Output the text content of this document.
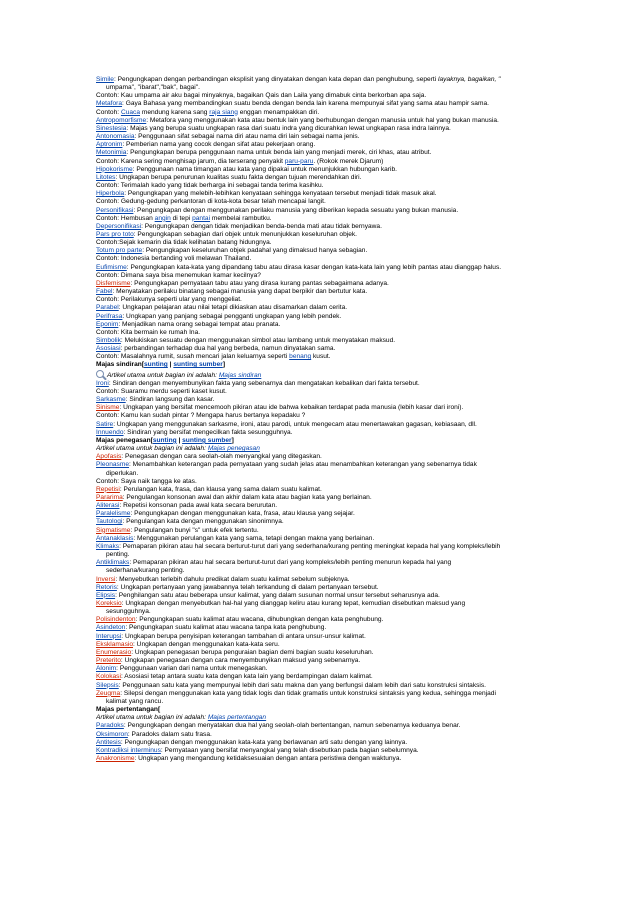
Simile: Pengungkapan dengan perbandingan eksplisit yang dinyatakan dengan kata depan dan penghubung, seperti layaknya, bagaikan, "
umpama", "ibarat","bak", bagai".
Contoh: Kau umpama air aku bagai minyaknya, bagaikan Qais dan Laila yang dimabuk cinta berkorban apa saja.
Metafora: Gaya Bahasa yang membandingkan suatu benda dengan benda lain karena mempunyai sifat yang sama atau hampir sama.
Contoh: Cuaca mendung karena sang raja siang enggan menampakkan diri.
Antropomorfisme: Metafora yang menggunakan kata atau bentuk lain yang berhubungan dengan manusia untuk hal yang bukan manusia.
Sinestesia: Majas yang berupa suatu ungkapan rasa dari suatu indra yang dicurahkan lewat ungkapan rasa indra lainnya.
Antonomasia: Penggunaan sifat sebagai nama diri atau nama diri lain sebagai nama jenis.
Aptronim: Pemberian nama yang cocok dengan sifat atau pekerjaan orang.
Metonimia: Pengungkapan berupa penggunaan nama untuk benda lain yang menjadi merek, ciri khas, atau atribut.
Contoh: Karena sering menghisap jarum, dia terserang penyakit paru-paru. (Rokok merek Djarum)
Hipokorisme: Penggunaan nama timangan atau kata yang dipakai untuk menunjukkan hubungan karib.
Litotes: Ungkapan berupa penurunan kualitas suatu fakta dengan tujuan merendahkan diri.
Contoh: Terimalah kado yang tidak berharga ini sebagai tanda terima kasihku.
Hiperbola: Pengungkapan yang melebih-lebihkan kenyataan sehingga kenyataan tersebut menjadi tidak masuk akal.
Contoh: Gedung-gedung perkantoran di kota-kota besar telah mencapai langit.
Personifikasi: Pengungkapan dengan menggunakan perilaku manusia yang diberikan kepada sesuatu yang bukan manusia.
Contoh: Hembusan angin di tepi pantai membelai rambutku.
Depersonifikasi: Pengungkapan dengan tidak menjadikan benda-benda mati atau tidak bernyawa.
Pars pro toto: Pengungkapan sebagian dari objek untuk menunjukkan keseluruhan objek.
Contoh:Sejak kemarin dia tidak kelihatan batang hidungnya.
Totum pro parte: Pengungkapan keseluruhan objek padahal yang dimaksud hanya sebagian.
Contoh: Indonesia bertanding voli melawan Thailand.
Eufimisme: Pengungkapan kata-kata yang dipandang tabu atau dirasa kasar dengan kata-kata lain yang lebih pantas atau dianggap halus.
Contoh: Dimana saya bisa menemukan kamar kecilnya?
Disfemisme: Pengungkapan pernyataan tabu atau yang dirasa kurang pantas sebagaimana adanya.
Fabel: Menyatakan perilaku binatang sebagai manusia yang dapat berpikir dan bertutur kata.
Contoh: Perilakunya seperti ular yang menggeliat.
Parabel: Ungkapan pelajaran atau nilai tetapi dikiaskan atau disamarkan dalam cerita.
Perifrasa: Ungkapan yang panjang sebagai pengganti ungkapan yang lebih pendek.
Eponim: Menjadikan nama orang sebagai tempat atau pranata.
Contoh: Kita bermain ke rumah Ina.
Simbolik: Melukiskan sesuatu dengan menggunakan simbol atau lambang untuk menyatakan maksud.
Asosiasi: perbandingan terhadap dua hal yang berbeda, namun dinyatakan sama.
Contoh: Masalahnya rumit, susah mencari jalan keluarnya seperti benang kusut.
Majas sindiran[sunting | sunting sumber]
Artikel utama untuk bagian ini adalah: Majas sindiran
Ironi: Sindiran dengan menyembunyikan fakta yang sebenarnya dan mengatakan kebalikan dari fakta tersebut.
Contoh: Suaramu merdu seperti kaset kusut.
Sarkasme: Sindiran langsung dan kasar.
Sinisme: Ungkapan yang bersifat mencemooh pikiran atau ide bahwa kebaikan terdapat pada manusia (lebih kasar dari ironi).
Contoh: Kamu kan sudah pintar ? Mengapa harus bertanya kepadaku ?
Satire: Ungkapan yang menggunakan sarkasme, ironi, atau parodi, untuk mengecam atau menertawakan gagasan, kebiasaan, dll.
Innuendo: Sindiran yang bersifat mengecilkan fakta sesungguhnya.
Majas penegasan[sunting | sunting sumber]
Artikel utama untuk bagian ini adalah: Majas penegasan
Apofasis: Penegasan dengan cara seolah-olah menyangkal yang ditegaskan.
Pleonasme: Menambahkan keterangan pada pernyataan yang sudah jelas atau menambahkan keterangan yang sebenarnya tidak
diperlukan.
Contoh: Saya naik tangga ke atas.
Repetisi: Perulangan kata, frasa, dan klausa yang sama dalam suatu kalimat.
Pararima: Pengulangan konsonan awal dan akhir dalam kata atau bagian kata yang berlainan.
Aliterasi: Repetisi konsonan pada awal kata secara berurutan.
Paralelisme: Pengungkapan dengan menggunakan kata, frasa, atau klausa yang sejajar.
Tautologi: Pengulangan kata dengan menggunakan sinonimnya.
Sigmatisme: Pengulangan bunyi "s" untuk efek tertentu.
Antanaklasis: Menggunakan perulangan kata yang sama, tetapi dengan makna yang berlainan.
Klimaks: Pemaparan pikiran atau hal secara berturut-turut dari yang sederhana/kurang penting meningkat kepada hal yang kompleks/lebih
penting.
Antiklimaks: Pemaparan pikiran atau hal secara berturut-turut dari yang kompleks/lebih penting menurun kepada hal yang
sederhana/kurang penting.
Inversi: Menyebutkan terlebih dahulu predikat dalam suatu kalimat sebelum subjeknya.
Retoris: Ungkapan pertanyaan yang jawabannya telah terkandung di dalam pertanyaan tersebut.
Elipsis: Penghilangan satu atau beberapa unsur kalimat, yang dalam susunan normal unsur tersebut seharusnya ada.
Koreksio: Ungkapan dengan menyebutkan hal-hal yang dianggap keliru atau kurang tepat, kemudian disebutkan maksud yang
sesungguhnya.
Polisindenton: Pengungkapan suatu kalimat atau wacana, dihubungkan dengan kata penghubung.
Asindeton: Pengungkapan suatu kalimat atau wacana tanpa kata penghubung.
Interupsi: Ungkapan berupa penyisipan keterangan tambahan di antara unsur-unsur kalimat.
Eksklamasio: Ungkapan dengan menggunakan kata-kata seru.
Enumerasio: Ungkapan penegasan berupa penguraian bagian demi bagian suatu keseluruhan.
Preterito: Ungkapan penegasan dengan cara menyembunyikan maksud yang sebenarnya.
Alonim: Penggunaan varian dari nama untuk menegaskan.
Kolokasi: Asosiasi tetap antara suatu kata dengan kata lain yang berdampingan dalam kalimat.
Silepsis: Penggunaan satu kata yang mempunyai lebih dari satu makna dan yang berfungsi dalam lebih dari satu konstruksi sintaksis.
Zeugma: Silepsi dengan menggunakan kata yang tidak logis dan tidak gramatis untuk konstruksi sintaksis yang kedua, sehingga menjadi
kalimat yang rancu.
Majas pertentangan[
Artikel utama untuk bagian ini adalah: Majas pertentangan
Paradoks: Pengungkapan dengan menyatakan dua hal yang seolah-olah bertentangan, namun sebenarnya keduanya benar.
Oksimoron: Paradoks dalam satu frasa.
Antitesis: Pengungkapan dengan menggunakan kata-kata yang berlawanan arti satu dengan yang lainnya.
Kontradiksi interminus: Pernyataan yang bersifat menyangkal yang telah disebutkan pada bagian sebelumnya.
Anakronisme: Ungkapan yang mengandung ketidaksesuaian dengan antara peristiwa dengan waktunya.
